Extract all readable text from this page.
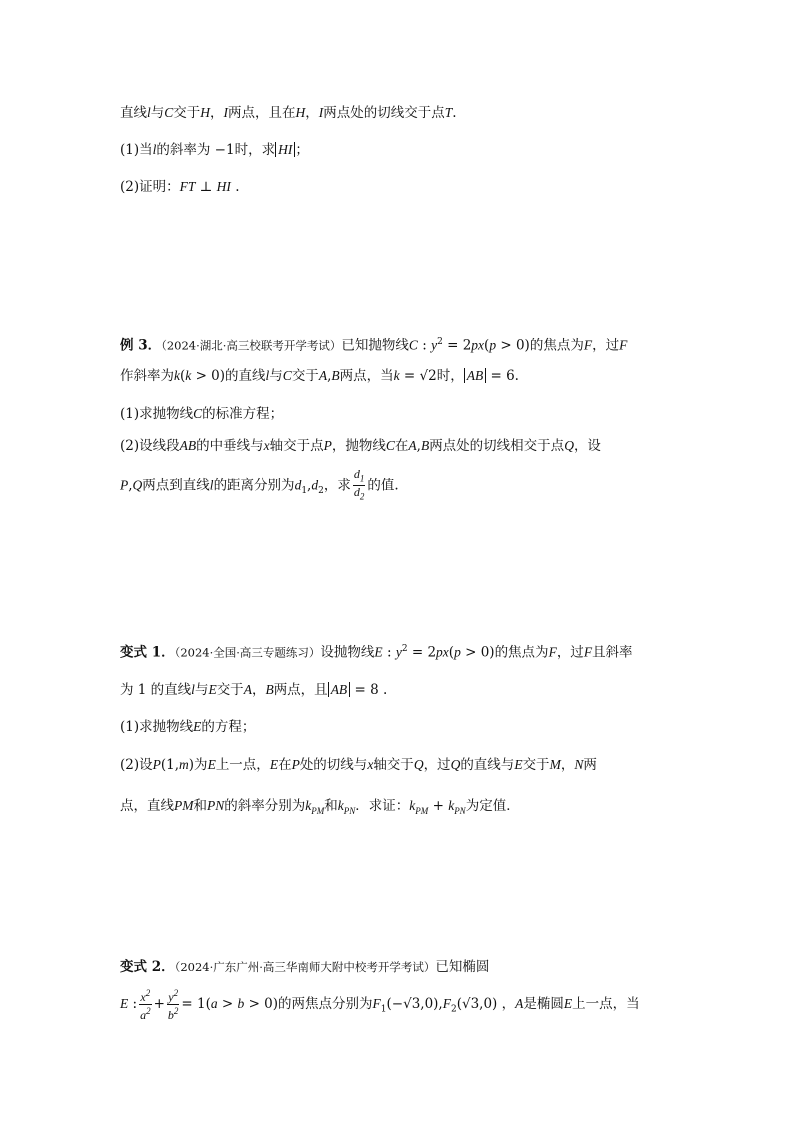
直线l与C交于H，I两点，且在H，I两点处的切线交于点T.
(1)当l的斜率为 −1时，求 HI ；
(2)证明：FT ⊥ HI .
例 3．（2024·湖北·高三校联考开学考试）已知抛物线C : $y^2 = 2px(p > 0)$的焦点为F，过F
作斜率为k(k > 0)的直线l与C交于A,B两点，当k = √2时， AB = 6.
(1)求抛物线C的标准方程；
(2)设线段AB的中垂线与x轴交于点P，抛物线C在A,B两点处的切线相交于点Q，设
P,Q两点到直线l的距离分别为$d_1,d_2$，求 $\frac{d_1}{d_2}$ 的值.
变式 1．（2024·全国·高三专题练习）设抛物线E : $y^2 = 2px(p > 0)$的焦点为F，过F且斜率
为 1 的直线l与E交于A，B两点，且 AB = 8 .
(1)求抛物线E的方程；
(2)设P(1,m)为E上一点，E在P处的切线与x轴交于Q，过Q的直线与E交于M，N两
点，直线PM和PN的斜率分别为$k_{PM}$和$k_{PN}$．求证：$k_{PM} + k_{PN}$为定值．
变式 2．（2024·广东广州·高三华南师大附中校考开学考试）已知椭圆
E : $\frac{x^2}{a^2} + \frac{y^2}{b^2} = 1(a > b > 0)$的两焦点分别为$F_1(-√3,0),F_2(√3,0)$ ，A是椭圆E上一点，当
